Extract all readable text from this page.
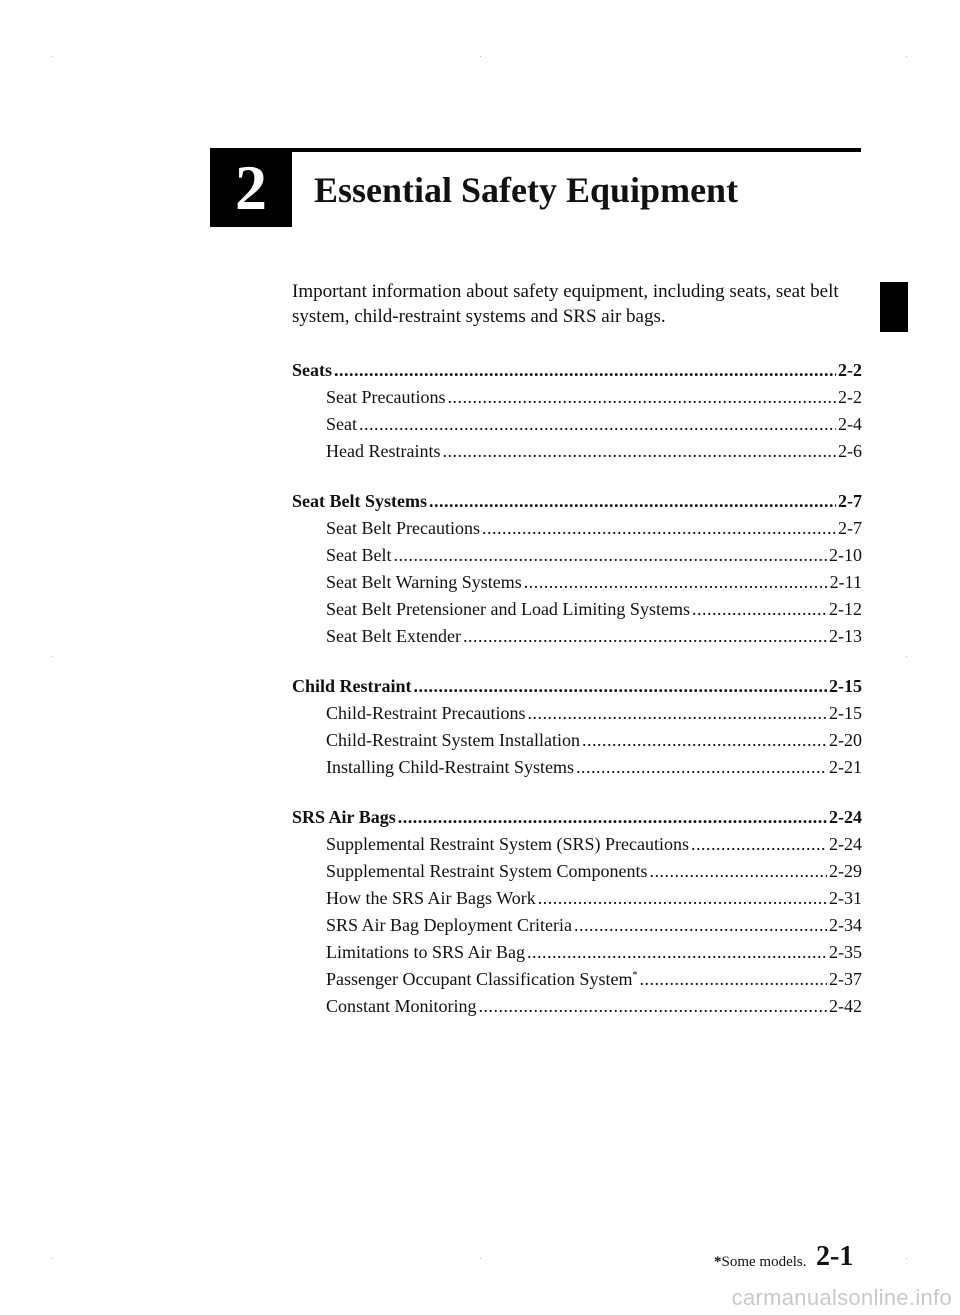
2	Essential Safety Equipment
Important information about safety equipment, including seats, seat belt system, child-restraint systems and SRS air bags.
Seats .....	2-2
Seat Precautions .....	2-2
Seat .....	2-4
Head Restraints .....	2-6
Seat Belt Systems .....	2-7
Seat Belt Precautions .....	2-7
Seat Belt .....	2-10
Seat Belt Warning Systems .....	2-11
Seat Belt Pretensioner and Load Limiting Systems .....	2-12
Seat Belt Extender .....	2-13
Child Restraint .....	2-15
Child-Restraint Precautions .....	2-15
Child-Restraint System Installation .....	2-20
Installing Child-Restraint Systems .....	2-21
SRS Air Bags .....	2-24
Supplemental Restraint System (SRS) Precautions .....	2-24
Supplemental Restraint System Components .....	2-29
How the SRS Air Bags Work .....	2-31
SRS Air Bag Deployment Criteria .....	2-34
Limitations to SRS Air Bag .....	2-35
Passenger Occupant Classification System* .....	2-37
Constant Monitoring .....	2-42
*Some models. 2-1
carmanualsonline.info
